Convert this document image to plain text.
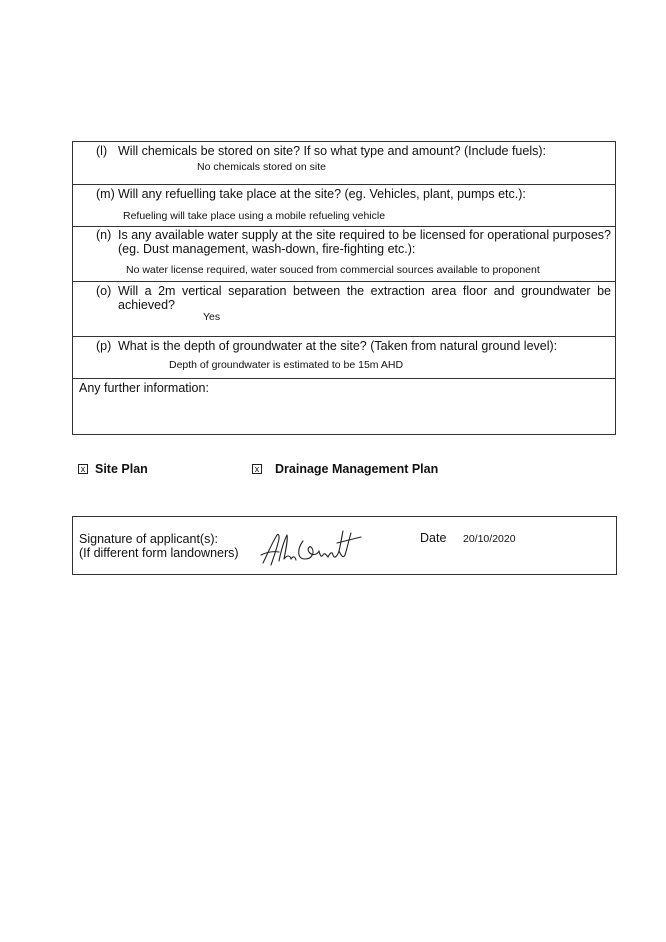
(l) Will chemicals be stored on site? If so what type and amount? (Include fuels):
No chemicals stored on site
(m) Will any refuelling take place at the site? (eg. Vehicles, plant, pumps etc.):
Refueling will take place using a mobile refueling vehicle
(n) Is any available water supply at the site required to be licensed for operational purposes? (eg. Dust management, wash-down, fire-fighting etc.):
No water license required, water souced from commercial sources available to proponent
(o) Will a 2m vertical separation between the extraction area floor and groundwater be achieved?
Yes
(p) What is the depth of groundwater at the site? (Taken from natural ground level):
Depth of groundwater is estimated to be 15m AHD
Any further information:
x Site Plan	x Drainage Management Plan
Signature of applicant(s):
(If different form landowners)
Date 20/10/2020
